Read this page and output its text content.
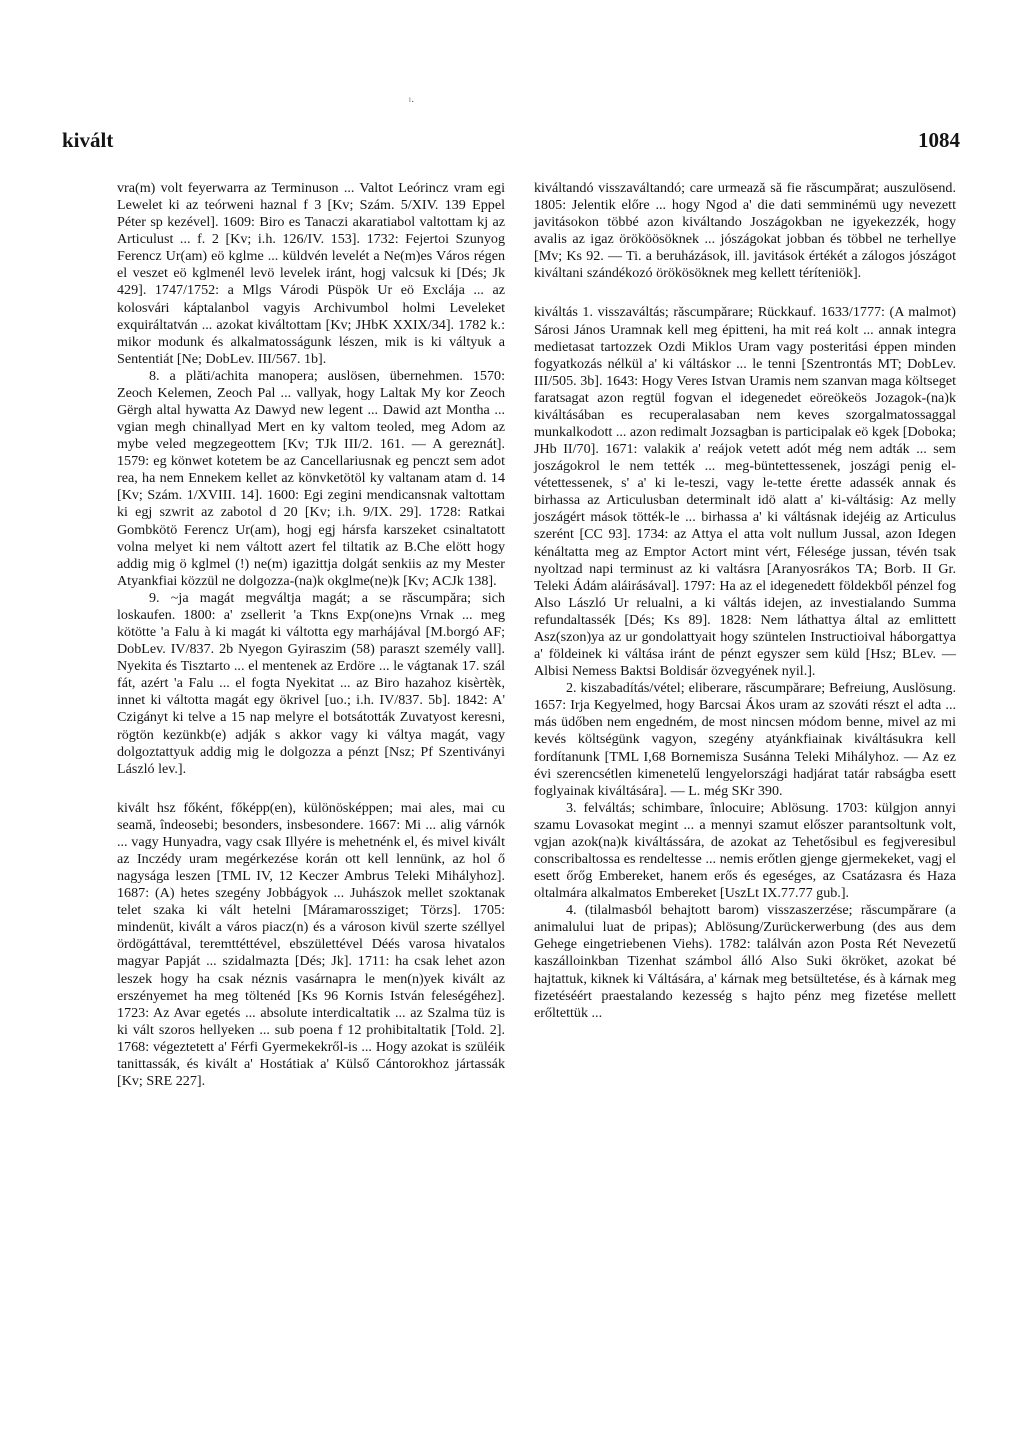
ˡ·
kivált	1084

vra(m) volt feyerwarra az Terminuson ... Valtot Leórincz vram egi Lewelet ki az teórweni haznal f 3 [Kv; Szám. 5/XIV. 139 Eppel Péter sp kezével]. 1609: Biro es Tanaczi akaratiabol valtottam kj az Articulust ... f. 2 [Kv; i.h. 126/IV. 153]. 1732: Fejertoi Szunyog Ferencz Ur(am) eö kglme ... küldvén levelét a Ne(m)es Város régen el veszet eö kglmenél levö levelek iránt, hogj valcsuk ki [Dés; Jk 429]. 1747/1752: a Mlgs Várodi Püspök Ur eö Exclája ... az kolosvári káptalanbol vagyis Archivumbol holmi Leveleket exquiráltatván ... azokat kiváltottam [Kv; JHbK XXIX/34]. 1782 k.: mikor modunk és alkalmatosságunk lészen, mik is ki váltyuk a Sententiát [Ne; DobLev. III/567. 1b].

8. a plăti/achita manopera; auslösen, übernehmen. 1570: Zeoch Kelemen, Zeoch Pal ... vallyak, hogy Laltak My kor Zeoch Gërgh altal hywatta Az Dawyd new legent ... Dawid azt Montha ... vgian megh chinallyad Mert en ky valtom teoled, meg Adom az mybe veled megzegeottem [Kv; TJk III/2. 161. — A gereznát]. 1579: eg könwet kotetem be az Cancellariusnak eg penczt sem adot rea, ha nem Ennekem kellet az könvketötöl ky valtanam atam d. 14 [Kv; Szám. 1/XVIII. 14]. 1600: Egi zegini mendicansnak valtottam ki egj szwrit az zabotol d 20 [Kv; i.h. 9/IX. 29]. 1728: Ratkai Gombkötö Ferencz Ur(am), hogj egj hársfa karszeket csinaltatott volna melyet ki nem váltott azert fel tiltatik az B.Che elött hogy addig mig ö kglmel (!) ne(m) igazittja dolgát senkiis az my Mester Atyankfiai közzül ne dolgozza-(na)k okglme(ne)k [Kv; ACJk 138].

9. ~ja magát megváltja magát; a se răscumpăra; sich loskaufen. 1800: a' zsellerit 'a Tkns Exp(one)ns Vrnak ... meg kötötte 'a Falu à ki magát ki váltotta egy marhájával [M.borgó AF; DobLev. IV/837. 2b Nyegon Gyiraszim (58) paraszt személy vall]. Nyekita és Tisztarto ... el mentenek az Erdöre ... le vágtanak 17. szál fát, azért 'a Falu ... el fogta Nyekitat ... az Biro hazahoz kisèrtèk, innet ki váltotta magát egy ökrivel [uo.; i.h. IV/837. 5b]. 1842: A' Czigányt ki telve a 15 nap melyre el botsátották Zuvatyost keresni, rögtön kezünkb(e) adják s akkor vagy ki váltya magát, vagy dolgoztattyuk addig mig le dolgozza a pénzt [Nsz; Pf Szentiványi László lev.].

kivált hsz főként, főképp(en), különösképpen; mai ales, mai cu seamă, îndeosebi; besonders, insbesondere. 1667: Mi ... alig várnók ... vagy Hunyadra, vagy csak Illyére is mehetnénk el, és mivel kivált az Inczédy uram megérkezése korán ott kell lennünk, az hol ő nagysága leszen [TML IV, 12 Keczer Ambrus Teleki Mihályhoz]. 1687: (A) hetes szegény Jobbágyok ... Juhászok mellet szoktanak telet szaka ki vált hetelni [Máramarossziget; Törzs]. 1705: mindenüt, kivált a város piacz(n) és a városon kivül szerte széllyel ördögáttával, teremttéttével, ebszülettével Déés varosa hivatalos magyar Papját ... szidalmazta [Dés; Jk]. 1711: ha csak lehet azon leszek hogy ha csak néznis vasárnapra le men(n)yek kivált az erszényemet ha meg töltenéd [Ks 96 Kornis István feleségéhez]. 1723: Az Avar egetés ... absolute interdicaltatik ... az Szalma tüz is ki vált szoros hellyeken ... sub poena f 12 prohibitaltatik [Told. 2]. 1768: végeztetett a' Férfi Gyermekekről-is ... Hogy azokat is szüléik tanittassák, és kivált a' Hostátiak a' Külső Cántorokhoz jártassák [Kv; SRE 227].

kiváltandó visszaváltandó; care urmează să fie răscumpărat; auszulösend. 1805: Jelentik előre ... hogy Ngod a' die dati semminémü ugy nevezett javitásokon többé azon kiváltando Joszágokban ne igyekezzék, hogy avalis az igaz örököösöknek ... jószágokat jobban és többel ne terhellye [Mv; Ks 92. — Ti. a beruházások, ill. javitások értékét a zálogos jószágot kiváltani szándékozó örökösöknek meg kellett téríteniök].

kiváltás 1. visszaváltás; răscumpărare; Rückkauf. 1633/1777: (A malmot) Sárosi János Uramnak kell meg épitteni, ha mit reá kolt ... annak integra medietasat tartozzek Ozdi Miklos Uram vagy posteritási éppen minden fogyatkozás nélkül a' ki váltáskor ... le tenni [Szentrontás MT; DobLev. III/505. 3b]. 1643: Hogy Veres Istvan Uramis nem szanvan maga költseget faratsagat azon regtül fogvan el idegenedet eöreökeös Jozagok-(na)k kiváltásában es recuperalasaban nem keves szorgalmatossaggal munkalkodott ... azon redimalt Jozsagban is participalak eö kgek [Doboka; JHb II/70]. 1671: valakik a' reájok vetett adót még nem adták ... sem joszágokrol le nem tették ... meg-büntettessenek, joszági penig el-vétettessenek, s' a' ki le-teszi, vagy le-tette érette adassék annak és birhassa az Articulusban determinalt idö alatt a' ki-váltásig: Az melly joszágért mások tötték-le ... birhassa a' ki váltásnak idejéig az Articulus szerént [CC 93]. 1734: az Attya el atta volt nullum Jussal, azon Idegen kénáltatta meg az Emptor Actort mint vért, Félesége jussan, tévén tsak nyoltzad napi terminust az ki valtásra [Aranyosrákos TA; Borb. II Gr. Teleki Ádám aláirásával]. 1797: Ha az el idegenedett földekből pénzel fog Also László Ur relualni, a ki váltás idejen, az investialando Summa refundaltassék [Dés; Ks 89]. 1828: Nem láthattya által az emlittett Asz(szon)ya az ur gondolattyait hogy szüntelen Instructioival háborgattya a' földeinek ki váltása iránt de pénzt egyszer sem küld [Hsz; BLev. — Albisi Nemess Baktsi Boldisár özvegyének nyil.].

2. kiszabadítás/vétel; eliberare, răscumpărare; Befreiung, Auslösung. 1657: Irja Kegyelmed, hogy Barcsai Ákos uram az szováti részt el adta ... más üdőben nem engedném, de most nincsen módom benne, mivel az mi kevés költségünk vagyon, szegény atyánkfiainak kiváltásukra kell fordítanunk [TML I,68 Bornemisza Susánna Teleki Mihályhoz. — Az ez évi szerencsétlen kimenetelű lengyelországi hadjárat tatár rabságba esett foglyainak kiváltására]. — L. még SKr 390.

3. felváltás; schimbare, înlocuire; Ablösung. 1703: külgjon annyi szamu Lovasokat megint ... a mennyi szamut előszer parantsoltunk volt, vgjan azok(na)k kiváltássára, de azokat az Tehetősibul es fegjveresibul conscribaltossa es rendeltesse ... nemis erőtlen gjenge gjermekeket, vagj el esett őrőg Embereket, hanem erős és egeséges, az Csatázasra és Haza oltalmára alkalmatos Embereket [UszLt IX.77.77 gub.].

4. (tilalmasból behajtott barom) visszaszerzése; răscumpărare (a animalului luat de pripas); Ablösung/Zurückerwerbung (des aus dem Gehege eingetriebenen Viehs). 1782: találván azon Posta Rét Nevezetű kaszálloinkban Tizenhat számbol álló Also Suki ökröket, azokat bé hajtattuk, kiknek ki Váltására, a' kárnak meg betsültetése, és à kárnak meg fizetéséért praestalando kezesség s hajto pénz meg fizetése mellett erőltettük ...
